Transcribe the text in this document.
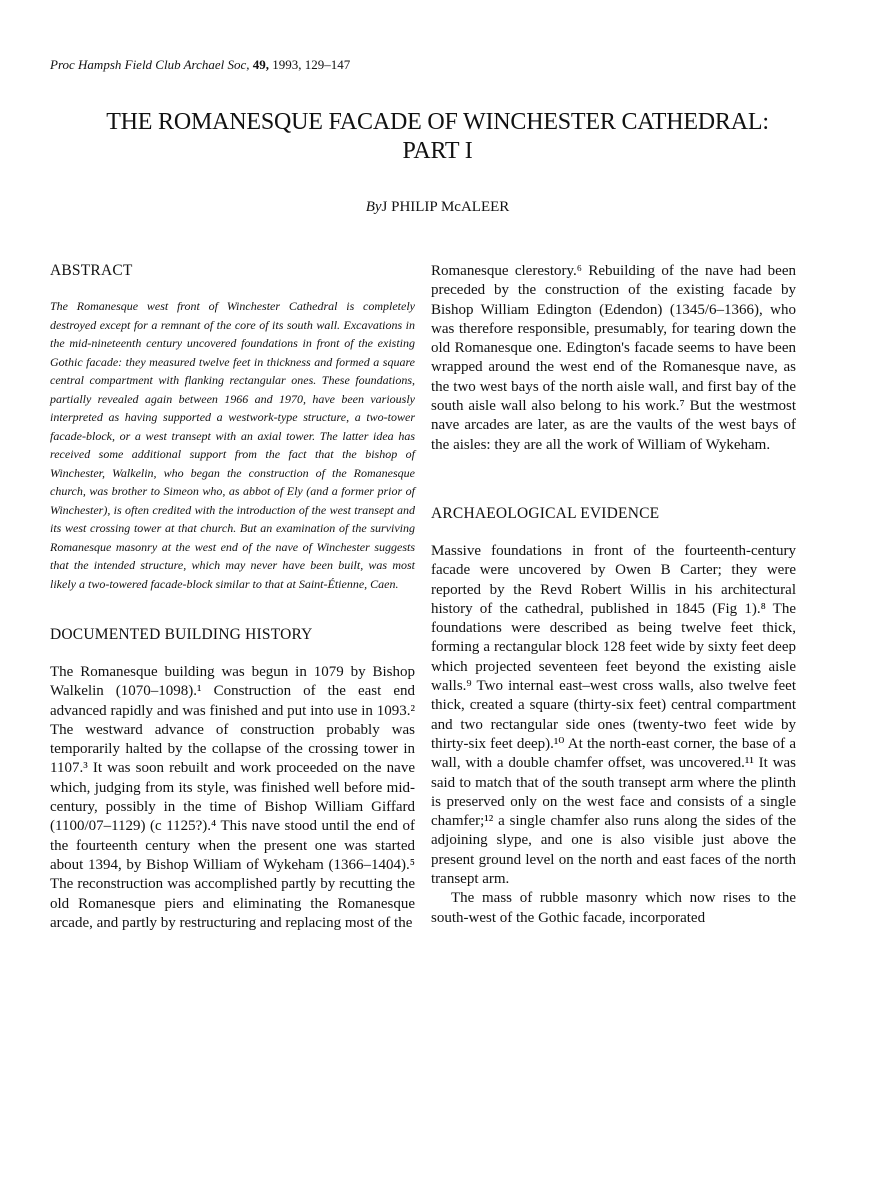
Proc Hampsh Field Club Archael Soc, 49, 1993, 129–147
THE ROMANESQUE FACADE OF WINCHESTER CATHEDRAL:
PART I
ByJ PHILIP McALEER
ABSTRACT

The Romanesque west front of Winchester Cathedral is completely destroyed except for a remnant of the core of its south wall. Excavations in the mid-nineteenth century uncovered foundations in front of the existing Gothic facade: they measured twelve feet in thickness and formed a square central compartment with flanking rectangular ones. These foundations, partially revealed again between 1966 and 1970, have been variously interpreted as having supported a westwork-type structure, a two-tower facade-block, or a west transept with an axial tower. The latter idea has received some additional support from the fact that the bishop of Winchester, Walkelin, who began the construction of the Romanesque church, was brother to Simeon who, as abbot of Ely (and a former prior of Winchester), is often credited with the introduction of the west transept and its west crossing tower at that church. But an examination of the surviving Romanesque masonry at the west end of the nave of Winchester suggests that the intended structure, which may never have been built, was most likely a two-towered facade-block similar to that at Saint-Étienne, Caen.

DOCUMENTED BUILDING HISTORY

The Romanesque building was begun in 1079 by Bishop Walkelin (1070–1098).¹ Construction of the east end advanced rapidly and was finished and put into use in 1093.² The westward advance of construction probably was temporarily halted by the collapse of the crossing tower in 1107.³ It was soon rebuilt and work proceeded on the nave which, judging from its style, was finished well before mid-century, possibly in the time of Bishop William Giffard (1100/07–1129) (c 1125?).⁴ This nave stood until the end of the fourteenth century when the present one was started about 1394, by Bishop William of Wykeham (1366–1404).⁵ The reconstruction was accomplished partly by recutting the old Romanesque piers and eliminating the Romanesque arcade, and partly by restructuring and replacing most of the

Romanesque clerestory.⁶ Rebuilding of the nave had been preceded by the construction of the existing facade by Bishop William Edington (Edendon) (1345/6–1366), who was therefore responsible, presumably, for tearing down the old Romanesque one. Edington's facade seems to have been wrapped around the west end of the Romanesque nave, as the two west bays of the north aisle wall, and first bay of the south aisle wall also belong to his work.⁷ But the westmost nave arcades are later, as are the vaults of the west bays of the aisles: they are all the work of William of Wykeham.

ARCHAEOLOGICAL EVIDENCE

Massive foundations in front of the fourteenth-century facade were uncovered by Owen B Carter; they were reported by the Revd Robert Willis in his architectural history of the cathedral, published in 1845 (Fig 1).⁸ The foundations were described as being twelve feet thick, forming a rectangular block 128 feet wide by sixty feet deep which projected seventeen feet beyond the existing aisle walls.⁹ Two internal east–west cross walls, also twelve feet thick, created a square (thirty-six feet) central compartment and two rectangular side ones (twenty-two feet wide by thirty-six feet deep).¹⁰ At the north-east corner, the base of a wall, with a double chamfer offset, was uncovered.¹¹ It was said to match that of the south transept arm where the plinth is preserved only on the west face and consists of a single chamfer;¹² a single chamfer also runs along the sides of the adjoining slype, and one is also visible just above the present ground level on the north and east faces of the north transept arm.

The mass of rubble masonry which now rises to the south-west of the Gothic facade, incorporated
